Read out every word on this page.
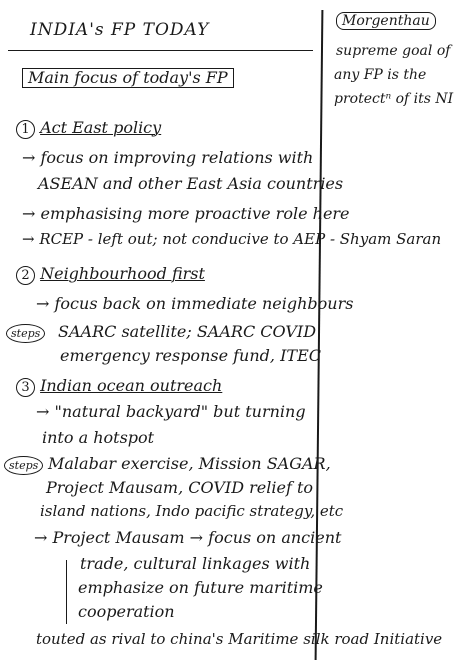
INDIA's FP TODAY	Morgenthau
supreme goal of
any FP is the
protectⁿ of its NI
Main focus of today's FP
1 Act East policy
→ focus on improving relations with
ASEAN and other East Asia countries
→ emphasising more proactive role here
→ RCEP - left out; not conducive to AEP - Shyam Saran
2 Neighbourhood first
→ focus back on immediate neighbours
steps	SAARC satellite; SAARC COVID
emergency response fund, ITEC
3 Indian ocean outreach
→ "natural backyard" but turning
into a hotspot
steps Malabar exercise, Mission SAGAR,
Project Mausam, COVID relief to
island nations, Indo pacific strategy, etc
→ Project Mausam → focus on ancient
trade, cultural linkages with
emphasize on future maritime
cooperation
touted as rival to china's Maritime silk road Initiative
